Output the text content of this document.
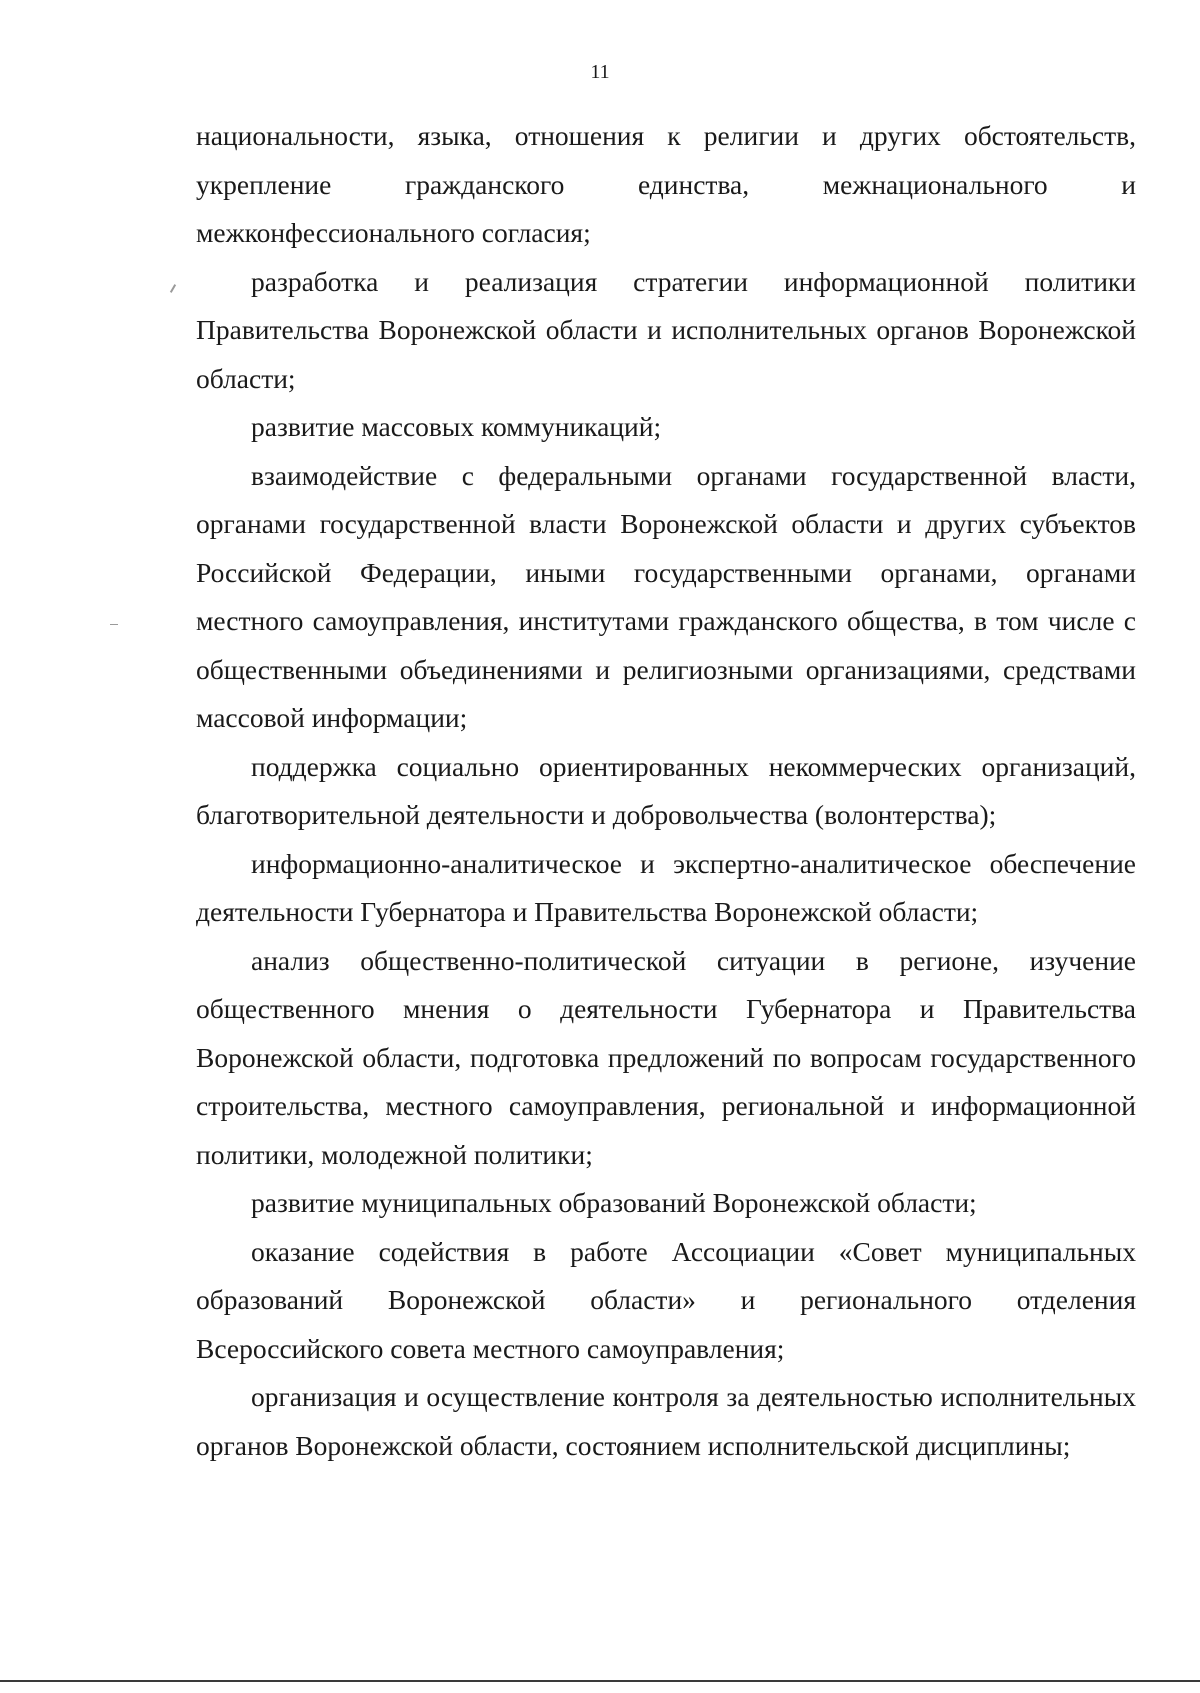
11

национальности, языка, отношения к религии и других обстоятельств, укрепление гражданского единства, межнационального и межконфессионального согласия;

разработка и реализация стратегии информационной политики Правительства Воронежской области и исполнительных органов Воронежской области;

развитие массовых коммуникаций;

взаимодействие с федеральными органами государственной власти, органами государственной власти Воронежской области и других субъектов Российской Федерации, иными государственными органами, органами местного самоуправления, институтами гражданского общества, в том числе с общественными объединениями и религиозными организациями, средствами массовой информации;

поддержка социально ориентированных некоммерческих организаций, благотворительной деятельности и добровольчества (волонтерства);

информационно-аналитическое и экспертно-аналитическое обеспечение деятельности Губернатора и Правительства Воронежской области;

анализ общественно-политической ситуации в регионе, изучение общественного мнения о деятельности Губернатора и Правительства Воронежской области, подготовка предложений по вопросам государственного строительства, местного самоуправления, региональной и информационной политики, молодежной политики;

развитие муниципальных образований Воронежской области;

оказание содействия в работе Ассоциации «Совет муниципальных образований Воронежской области» и регионального отделения Всероссийского совета местного самоуправления;

организация и осуществление контроля за деятельностью исполнительных органов Воронежской области, состоянием исполнительской дисциплины;
